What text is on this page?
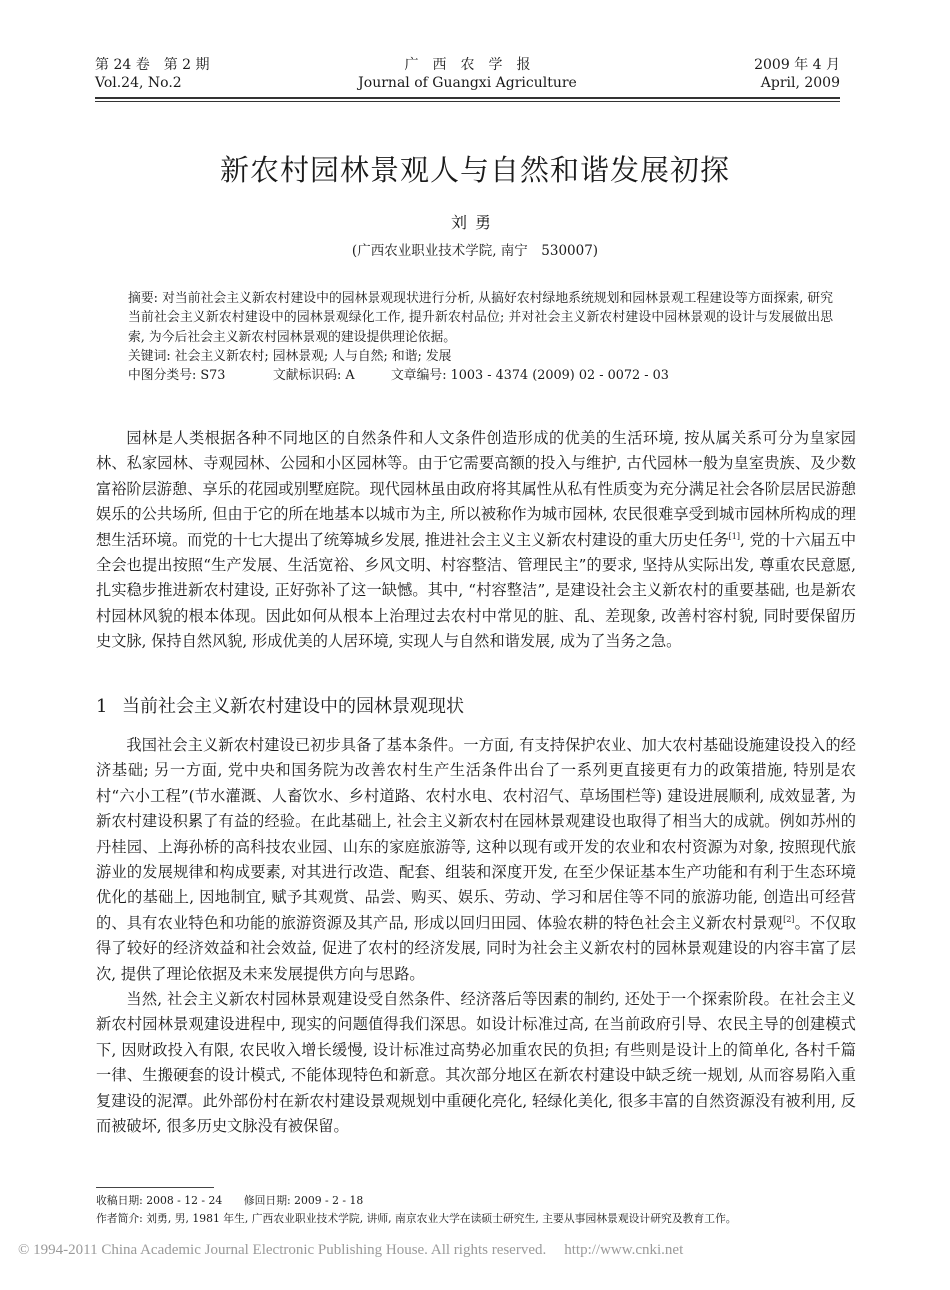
第 24 卷　第 2 期
Vol.24, No.2
广西农学报
Journal of Guangxi Agriculture
2009 年 4 月
April, 2009
新农村园林景观人与自然和谐发展初探
刘勇
(广西农业职业技术学院, 南宁　530007)

摘要: 对当前社会主义新农村建设中的园林景观现状进行分析, 从搞好农村绿地系统规划和园林景观工程建设等方面探索, 研究当前社会主义新农村建设中的园林景观绿化工作, 提升新农村品位; 并对社会主义新农村建设中园林景观的设计与发展做出思索, 为今后社会主义新农村园林景观的建设提供理论依据。

关键词: 社会主义新农村; 园林景观; 人与自然; 和谐; 发展

中图分类号: S73	文献标识码: A	文章编号: 1003 - 4374 (2009) 02 - 0072 - 03

园林是人类根据各种不同地区的自然条件和人文条件创造形成的优美的生活环境, 按从属关系可分为皇家园林、私家园林、寺观园林、公园和小区园林等。由于它需要高额的投入与维护, 古代园林一般为皇室贵族、及少数富裕阶层游憩、享乐的花园或别墅庭院。现代园林虽由政府将其属性从私有性质变为充分满足社会各阶层居民游憩娱乐的公共场所, 但由于它的所在地基本以城市为主, 所以被称作为城市园林, 农民很难享受到城市园林所构成的理想生活环境。而党的十七大提出了统筹城乡发展, 推进社会主义主义新农村建设的重大历史任务[1], 党的十六届五中全会也提出按照“生产发展、生活宽裕、乡风文明、村容整洁、管理民主”的要求, 坚持从实际出发, 尊重农民意愿, 扎实稳步推进新农村建设, 正好弥补了这一缺憾。其中, “村容整洁”, 是建设社会主义新农村的重要基础, 也是新农村园林风貌的根本体现。因此如何从根本上治理过去农村中常见的脏、乱、差现象, 改善村容村貌, 同时要保留历史文脉, 保持自然风貌, 形成优美的人居环境, 实现人与自然和谐发展, 成为了当务之急。

1 当前社会主义新农村建设中的园林景观现状

我国社会主义新农村建设已初步具备了基本条件。一方面, 有支持保护农业、加大农村基础设施建设投入的经济基础; 另一方面, 党中央和国务院为改善农村生产生活条件出台了一系列更直接更有力的政策措施, 特别是农村“六小工程”(节水灌溉、人畜饮水、乡村道路、农村水电、农村沼气、草场围栏等) 建设进展顺利, 成效显著, 为新农村建设积累了有益的经验。在此基础上, 社会主义新农村在园林景观建设也取得了相当大的成就。例如苏州的丹桂园、上海孙桥的高科技农业园、山东的家庭旅游等, 这种以现有或开发的农业和农村资源为对象, 按照现代旅游业的发展规律和构成要素, 对其进行改造、配套、组装和深度开发, 在至少保证基本生产功能和有利于生态环境优化的基础上, 因地制宜, 赋予其观赏、品尝、购买、娱乐、劳动、学习和居住等不同的旅游功能, 创造出可经营的、具有农业特色和功能的旅游资源及其产品, 形成以回归田园、体验农耕的特色社会主义新农村景观[2]。不仅取得了较好的经济效益和社会效益, 促进了农村的经济发展, 同时为社会主义新农村的园林景观建设的内容丰富了层次, 提供了理论依据及未来发展提供方向与思路。

当然, 社会主义新农村园林景观建设受自然条件、经济落后等因素的制约, 还处于一个探索阶段。在社会主义新农村园林景观建设进程中, 现实的问题值得我们深思。如设计标准过高, 在当前政府引导、农民主导的创建模式下, 因财政投入有限, 农民收入增长缓慢, 设计标准过高势必加重农民的负担; 有些则是设计上的简单化, 各村千篇一律、生搬硬套的设计模式, 不能体现特色和新意。其次部分地区在新农村建设中缺乏统一规划, 从而容易陷入重复建设的泥潭。此外部份村在新农村建设景观规划中重硬化亮化, 轻绿化美化, 很多丰富的自然资源没有被利用, 反而被破坏, 很多历史文脉没有被保留。

收稿日期: 2008 - 12 - 24　　修回日期: 2009 - 2 - 18

作者简介: 刘勇, 男, 1981 年生, 广西农业职业技术学院, 讲师, 南京农业大学在读硕士研究生, 主要从事园林景观设计研究及教育工作。

© 1994-2011 China Academic Journal Electronic Publishing House. All rights reserved. http://www.cnki.net
